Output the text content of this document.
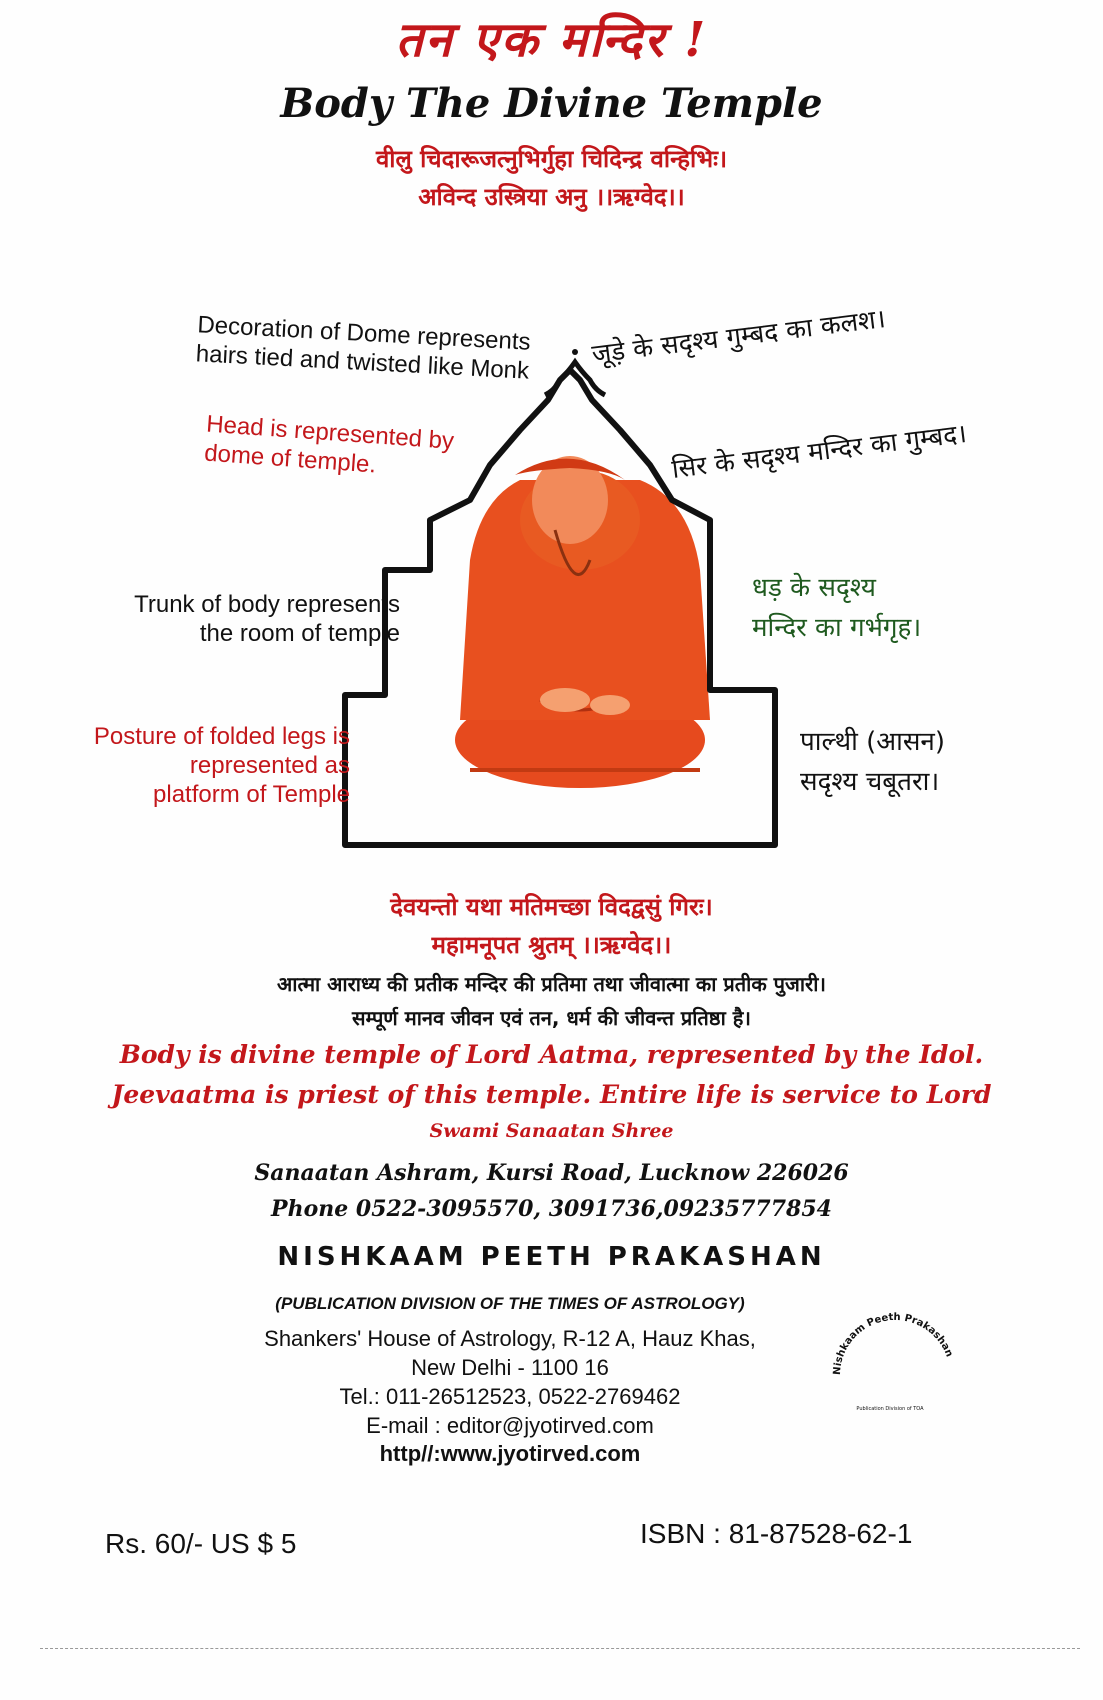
तन एक मन्दिर !
Body The Divine Temple
वीलु चिदारूजत्नुभिर्गुहा चिदिन्द्र वन्हिभिः।
अविन्द उस्त्रिया अनु ।।ऋग्वेद।।
Decoration of Dome represents
hairs tied and twisted like Monk जूड़े के सदृश्य गुम्बद का कलश।
Head is represented by
dome of temple.	सिर के सदृश्य मन्दिर का गुम्बद।
Trunk of body represents
the room of temple
धड़ के सदृश्य
मन्दिर का गर्भगृह।
Posture of folded legs is
represented as
platform of Temple
पाल्थी (आसन)
सदृश्य चबूतरा।
देवयन्तो यथा मतिमच्छा विदद्वसुं गिरः।
महामनूपत श्रुतम् ।।ऋग्वेद।।
आत्मा आराध्य की प्रतीक मन्दिर की प्रतिमा तथा जीवात्मा का प्रतीक पुजारी।
सम्पूर्ण मानव जीवन एवं तन, धर्म की जीवन्त प्रतिष्ठा है।
Body is divine temple of Lord Aatma, represented by the Idol.
Jeevaatma is priest of this temple. Entire life is service to Lord
Swami Sanaatan Shree
Sanaatan Ashram, Kursi Road, Lucknow 226026
Phone 0522-3095570, 3091736,09235777854
NISHKAAM PEETH PRAKASHAN
(PUBLICATION DIVISION OF THE TIMES OF ASTROLOGY)
Shankers' House of Astrology, R-12 A, Hauz Khas,
New Delhi - 1100 16
Tel.: 011-26512523, 0522-2769462
E-mail : editor@jyotirved.com
http//:www.jyotirved.com
Nishkaam Peeth Prakashan
Publication Division of TOA
Rs. 60/- US $ 5	ISBN : 81-87528-62-1
